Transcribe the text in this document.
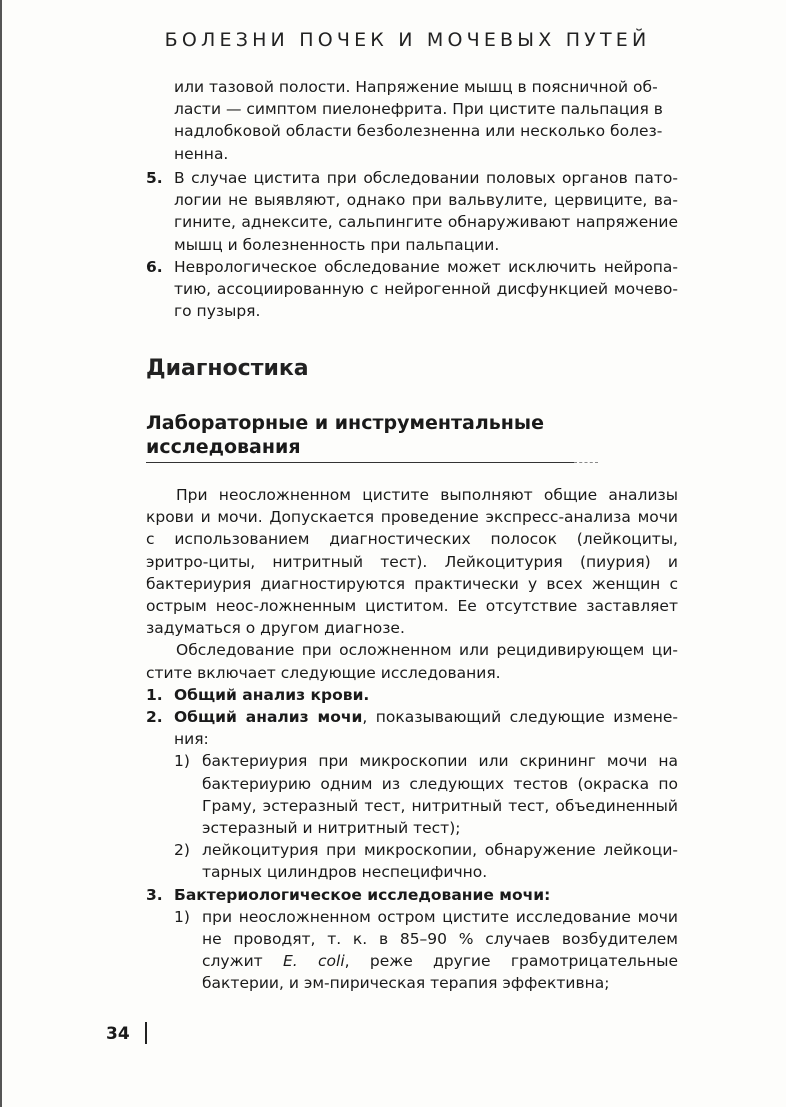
БОЛЕЗНИ ПОЧЕК И МОЧЕВЫХ ПУТЕЙ

или тазовой полости. Напряжение мышц в поясничной об-

ласти — симптом пиелонефрита. При цистите пальпация в

надлобковой области безболезненна или несколько болез-

ненна.

5. В случае цистита при обследовании половых органов пато-логии не выявляют, однако при вальвулите, цервиците, ва-гините, аднексите, сальпингите обнаруживают напряжение мышц и болезненность при пальпации.
6. Неврологическое обследование может исключить нейропа-тию, ассоциированную с нейрогенной дисфункцией мочево-го пузыря.
Диагностика
Лабораторные и инструментальные исследования

При неосложненном цистите выполняют общие анализы крови и мочи. Допускается проведение экспресс-анализа мочи с использованием диагностических полосок (лейкоциты, эритро-циты, нитритный тест). Лейкоцитурия (пиурия) и бактериурия диагностируются практически у всех женщин с острым неос-ложненным циститом. Ее отсутствие заставляет задуматься о другом диагнозе.

Обследование при осложненном или рецидивирующем ци-стите включает следующие исследования.

1. Общий анализ крови.
2. Общий анализ мочи, показывающий следующие измене-ния:
1) бактериурия при микроскопии или скрининг мочи на бактериурию одним из следующих тестов (окраска по Граму, эстеразный тест, нитритный тест, объединенный эстеразный и нитритный тест);
2) лейкоцитурия при микроскопии, обнаружение лейкоци-тарных цилиндров неспецифично.
3. Бактериологическое исследование мочи:
1) при неосложненном остром цистите исследование мочи не проводят, т. к. в 85–90 % случаев возбудителем служит E. coli, реже другие грамотрицательные бактерии, и эм-пирическая терапия эффективна;
34
